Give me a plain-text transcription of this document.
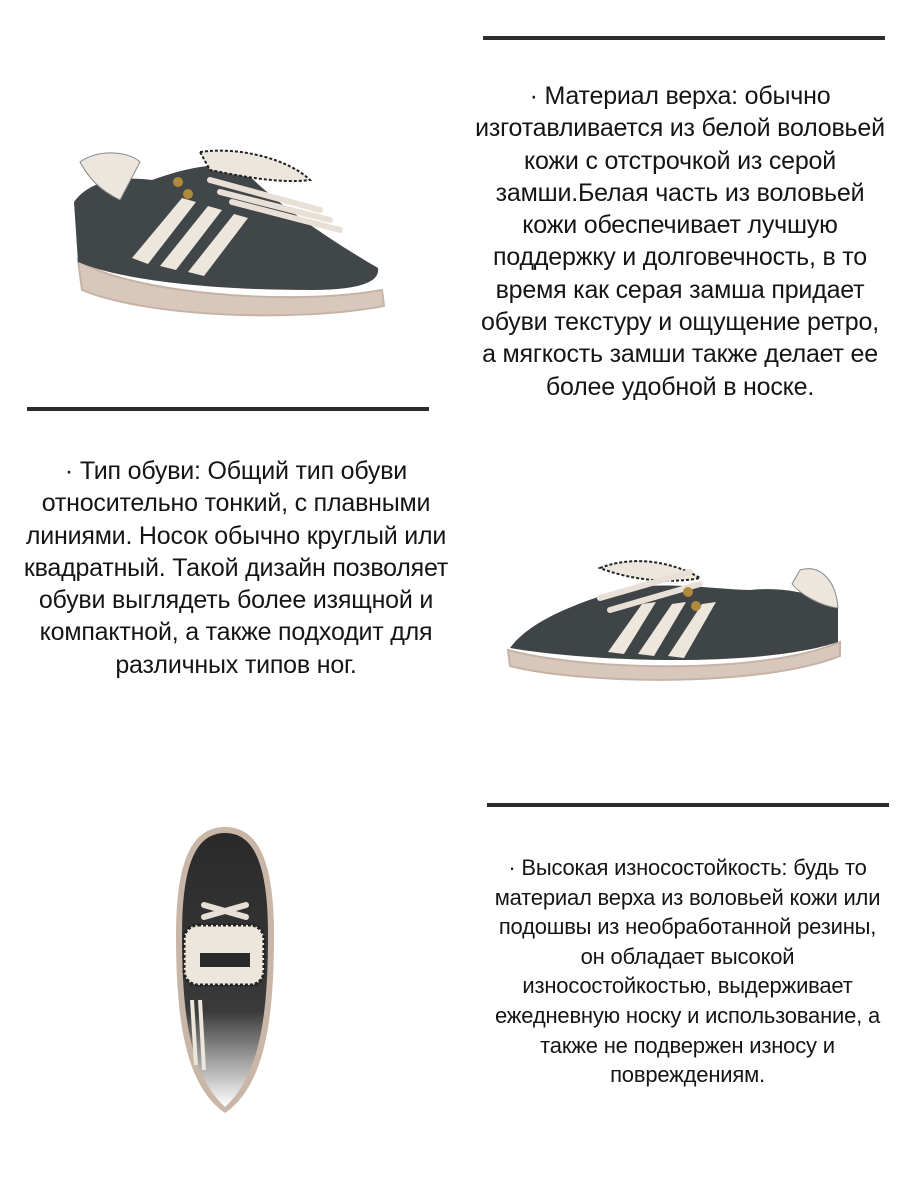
· Материал верха: обычно изготавливается из белой воловьей кожи с отстрочкой из серой замши.Белая часть из воловьей кожи обеспечивает лучшую поддержку и долговечность, в то время как серая замша придает обуви текстуру и ощущение ретро, а мягкость замши также делает ее более удобной в носке.

· Тип обуви: Общий тип обуви относительно тонкий, с плавными линиями. Носок обычно круглый или квадратный. Такой дизайн позволяет обуви выглядеть более изящной и компактной, а также подходит для различных типов ног.

· Высокая износостойкость: будь то материал верха из воловьей кожи или подошвы из необработанной резины, он обладает высокой износостойкостью, выдерживает ежедневную носку и использование, а также не подвержен износу и повреждениям.
